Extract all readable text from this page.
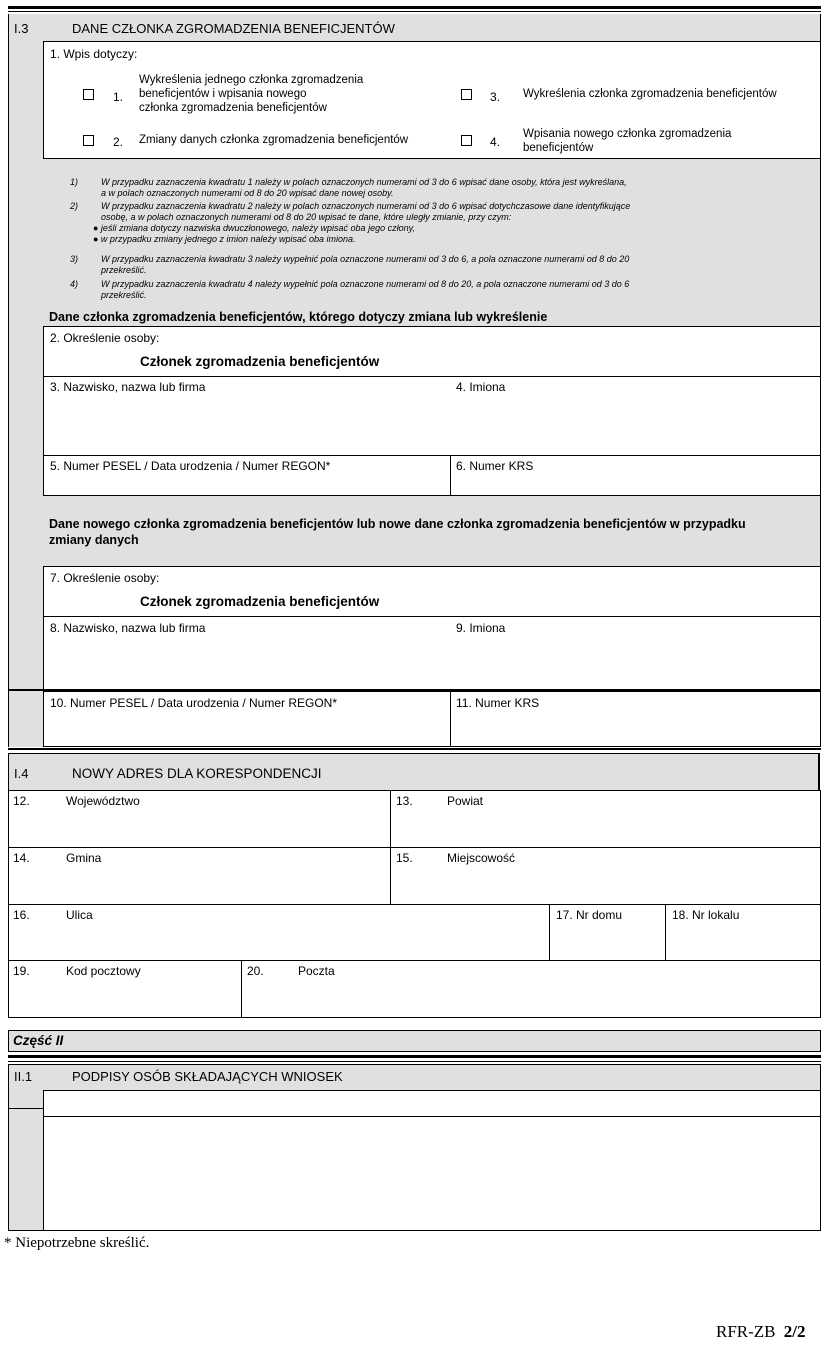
I.3	DANE CZŁONKA ZGROMADZENIA BENEFICJENTÓW
1. Wpis dotyczy:
1.
Wykreślenia jednego członka zgromadzenia
beneficjentów i wpisania nowego
członka zgromadzenia beneficjentów
2. Zmiany danych członka zgromadzenia beneficjentów
3. Wykreślenia członka zgromadzenia beneficjentów
4.
Wpisania nowego członka zgromadzenia
beneficjentów
1)	W przypadku zaznaczenia kwadratu 1 należy w polach oznaczonych numerami od 3 do 6 wpisać dane osoby, która jest wykreślana,
a w polach oznaczonych numerami od 8 do 20 wpisać dane nowej osoby.
2)	W przypadku zaznaczenia kwadratu 2 należy w polach oznaczonych numerami od 3 do 6 wpisać dotychczasowe dane identyfikujące
osobę, a w polach oznaczonych numerami od 8 do 20 wpisać te dane, które uległy zmianie, przy czym:
● jeśli zmiana dotyczy nazwiska dwuczłonowego, należy wpisać oba jego człony,
● w przypadku zmiany jednego z imion należy wpisać oba imiona.
3)	W przypadku zaznaczenia kwadratu 3 należy wypełnić pola oznaczone numerami od 3 do 6, a pola oznaczone numerami od 8 do 20
przekreślić.
4)	W przypadku zaznaczenia kwadratu 4 należy wypełnić pola oznaczone numerami od 8 do 20, a pola oznaczone numerami od 3 do 6
przekreślić.
Dane członka zgromadzenia beneficjentów, którego dotyczy zmiana lub wykreślenie
2. Określenie osoby:
Członek zgromadzenia beneficjentów
3. Nazwisko, nazwa lub firma	4. Imiona
5. Numer PESEL / Data urodzenia / Numer REGON*	6. Numer KRS
Dane nowego członka zgromadzenia beneficjentów lub nowe dane członka zgromadzenia beneficjentów w przypadku
zmiany danych
7. Określenie osoby:
Członek zgromadzenia beneficjentów
8. Nazwisko, nazwa lub firma	9. Imiona
10. Numer PESEL / Data urodzenia / Numer REGON*	11. Numer KRS
I.4	NOWY ADRES DLA KORESPONDENCJI
12.	Województwo	13.	Powiat
14.	Gmina	15.	Miejscowość
16.	Ulica	17. Nr domu	18. Nr lokalu
19.	Kod pocztowy	20.	Poczta
Część II
II.1	PODPISY OSÓB SKŁADAJĄCYCH WNIOSEK
* Niepotrzebne skreślić.
RFR-ZB 2/2
